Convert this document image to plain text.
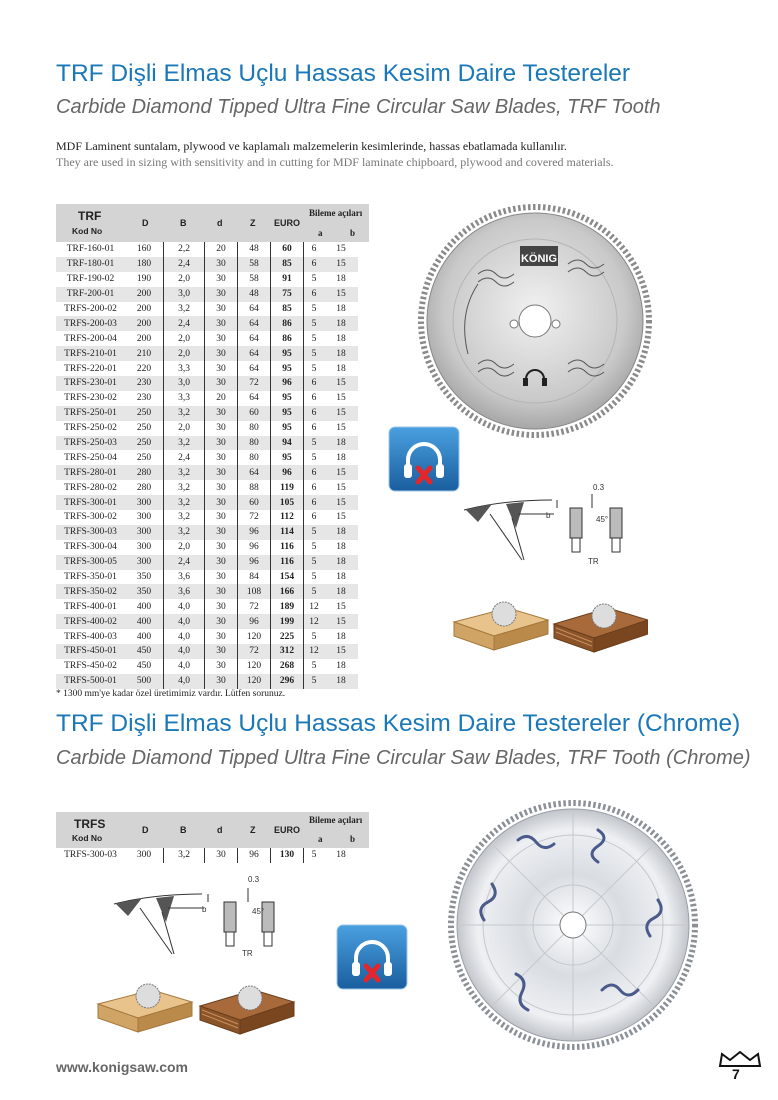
TRF Dişli Elmas Uçlu Hassas Kesim Daire Testereler
Carbide Diamond Tipped Ultra Fine Circular Saw Blades, TRF Tooth
MDF Laminent suntalam, plywood ve kaplamalı malzemelerin kesimlerinde, hassas ebatlamada kullanılır.
They are used in sizing with sensitivity and in cutting for MDF laminate chipboard, plywood and covered materials.
TRF
Kod No
D	B	d	Z EURO
Bileme açıları
a	b
TRF-160-01	160	2,2	20	48	60	6	15
TRF-180-01	180	2,4	30	58	85	6	15
TRF-190-02	190	2,0	30	58	91	5	18
TRF-200-01	200	3,0	30	48	75	6	15
TRFS-200-02	200	3,2	30	64	85	5	18
TRFS-200-03	200	2,4	30	64	86	5	18
TRFS-200-04	200	2,0	30	64	86	5	18
TRFS-210-01	210	2,0	30	64	95	5	18
TRFS-220-01	220	3,3	30	64	95	5	18
TRFS-230-01	230	3,0	30	72	96	6	15
TRFS-230-02	230	3,3	20	64	95	6	15
TRFS-250-01	250	3,2	30	60	95	6	15
TRFS-250-02	250	2,0	30	80	95	6	15
TRFS-250-03	250	3,2	30	80	94	5	18
TRFS-250-04	250	2,4	30	80	95	5	18
TRFS-280-01	280	3,2	30	64	96	6	15
TRFS-280-02	280	3,2	30	88	119	6	15
TRFS-300-01	300	3,2	30	60	105	6	15
TRFS-300-02	300	3,2	30	72	112	6	15
TRFS-300-03	300	3,2	30	96	114	5	18
TRFS-300-04	300	2,0	30	96	116	5	18
TRFS-300-05	300	2,4	30	96	116	5	18
TRFS-350-01	350	3,6	30	84	154	5	18
TRFS-350-02	350	3,6	30	108	166	5	18
TRFS-400-01	400	4,0	30	72	189	12	15
TRFS-400-02	400	4,0	30	96	199	12	15
TRFS-400-03	400	4,0	30	120	225	5	18
TRFS-450-01	450	4,0	30	72	312	12	15
TRFS-450-02	450	4,0	30	120	268	5	18
TRFS-500-01	500	4,0	30	120	296	5	18
* 1300 mm'ye kadar özel üretimimiz vardır. Lütfen sorunuz.
KÖNIG
b
0.3
45°
TR
TRF Dişli Elmas Uçlu Hassas Kesim Daire Testereler (Chrome)
Carbide Diamond Tipped Ultra Fine Circular Saw Blades, TRF Tooth (Chrome)
TRFS
Kod No
D	B	d	Z EURO
Bileme açıları
a	b
TRFS-300-03	300	3,2	30	96	130	5	18
b
0.3
45°
TR
www.konigsaw.com	7
